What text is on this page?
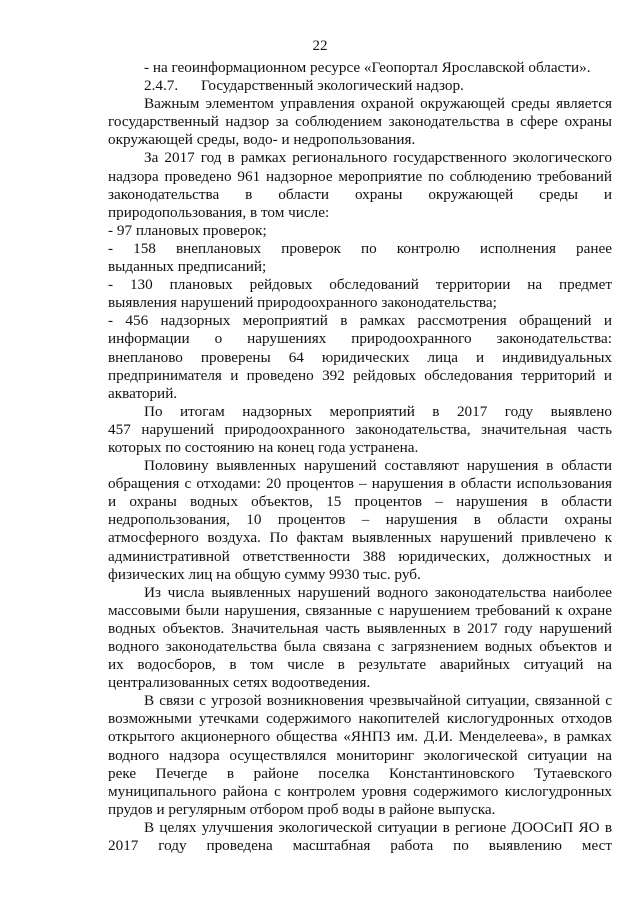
22

- на геоинформационном ресурсе «Геопортал Ярославской области».
2.4.7.      Государственный экологический надзор.
Важным элементом управления охраной окружающей среды является
государственный надзор за соблюдением законодательства в сфере охраны
окружающей среды, водо- и недропользования.
За 2017 год в рамках регионального государственного экологического
надзора проведено 961 надзорное мероприятие по соблюдению требований
законодательства в области охраны окружающей среды и
природопользования, в том числе:
- 97 плановых проверок;
- 158 внеплановых проверок по контролю исполнения ранее
выданных предписаний;
- 130 плановых рейдовых обследований территории на предмет
выявления нарушений природоохранного законодательства;
- 456 надзорных мероприятий в рамках рассмотрения обращений и
информации о нарушениях природоохранного законодательства:
внепланово проверены 64 юридических лица и индивидуальных
предпринимателя и проведено 392 рейдовых обследования территорий и
акваторий.
По итогам надзорных мероприятий в 2017 году выявлено
457 нарушений природоохранного законодательства, значительная часть
которых по состоянию на конец года устранена.
Половину выявленных нарушений составляют нарушения в области
обращения с отходами: 20 процентов – нарушения в области использования
и охраны водных объектов, 15 процентов – нарушения в области
недропользования, 10 процентов – нарушения в области охраны
атмосферного воздуха. По фактам выявленных нарушений привлечено к
административной ответственности 388 юридических, должностных и
физических лиц на общую сумму 9930 тыс. руб.
Из числа выявленных нарушений водного законодательства наиболее
массовыми были нарушения, связанные с нарушением требований к охране
водных объектов. Значительная часть выявленных в 2017 году нарушений
водного законодательства была связана с загрязнением водных объектов и
их водосборов, в том числе в результате аварийных ситуаций на
централизованных сетях водоотведения.
В связи с угрозой возникновения чрезвычайной ситуации, связанной с
возможными утечками содержимого накопителей кислогудронных отходов
открытого акционерного общества «ЯНПЗ им. Д.И. Менделеева», в рамках
водного надзора осуществлялся мониторинг экологической ситуации на
реке Печегде в районе поселка Константиновского Тутаевского
муниципального района с контролем уровня содержимого кислогудронных
прудов и регулярным отбором проб воды в районе выпуска.
В целях улучшения экологической ситуации в регионе ДООСиП ЯО в
2017 году проведена масштабная работа по выявлению мест
